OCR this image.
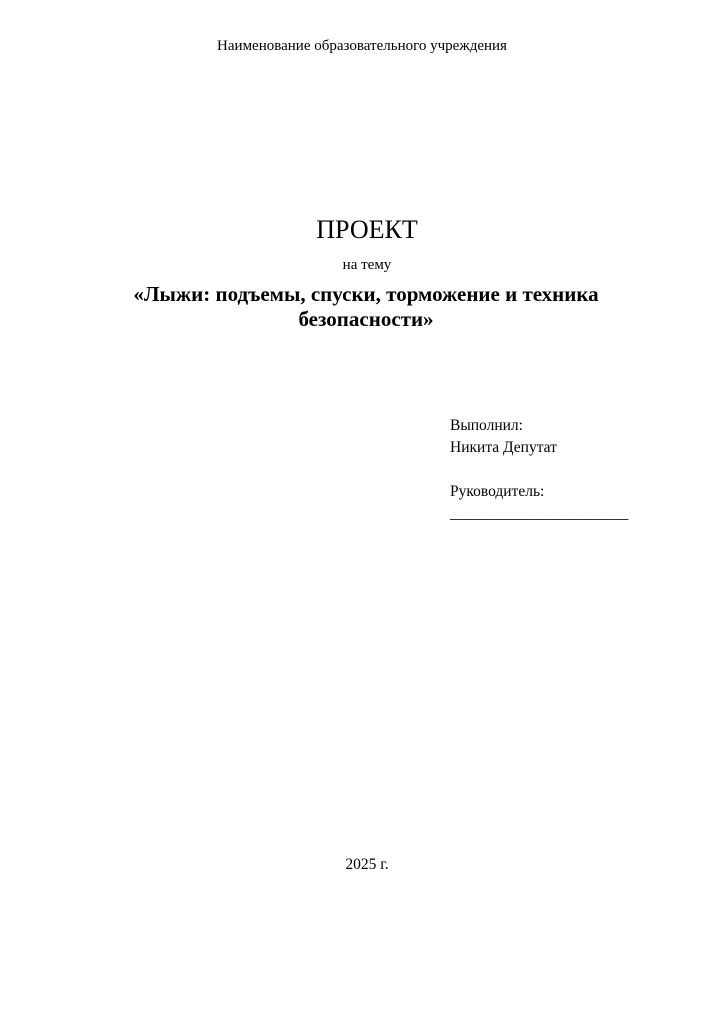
Наименование образовательного учреждения
ПРОЕКТ
на тему
«Лыжи: подъемы, спуски, торможение и техника безопасности»
Выполнил:
Никита Депутат
Руководитель:
_______________________
2025 г.
